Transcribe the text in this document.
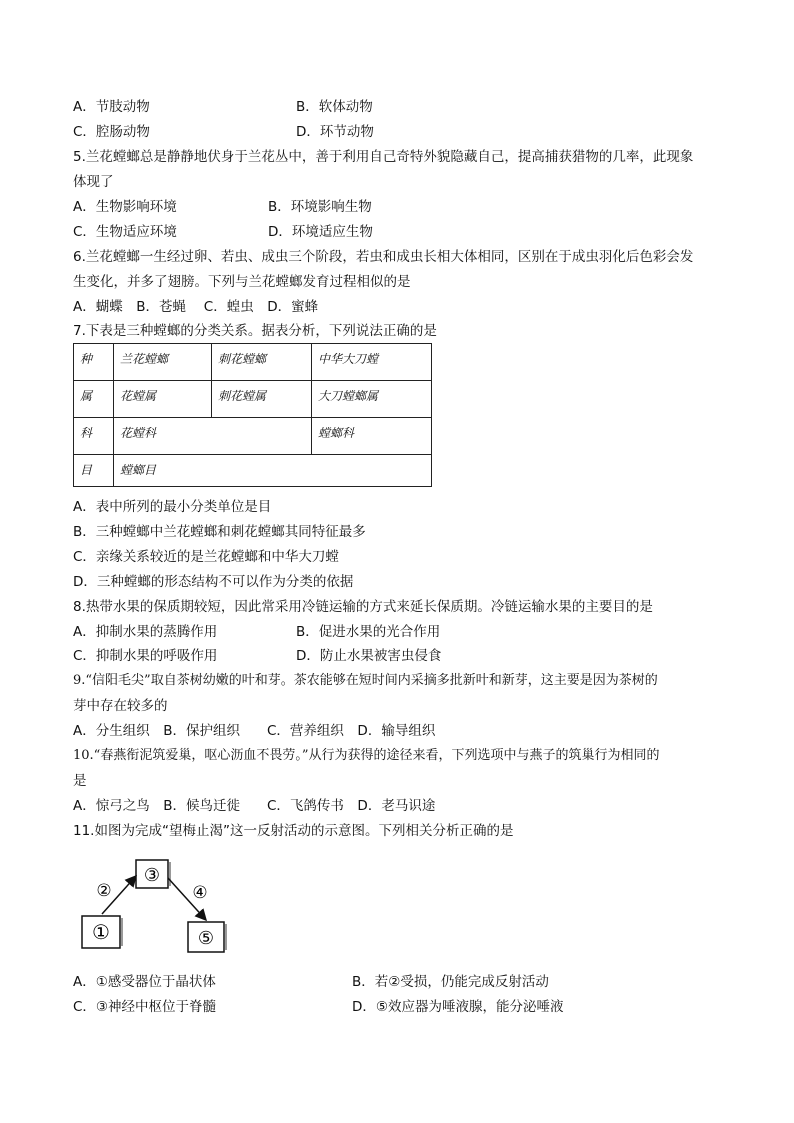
A．节肢动物	B．软体动物
C．腔肠动物	D．环节动物
5.兰花螳螂总是静静地伏身于兰花丛中，善于利用自己奇特外貌隐藏自己，提高捕获猎物的几率，此现象
体现了
A．生物影响环境	B．环境影响生物
C．生物适应环境	D．环境适应生物
6.兰花螳螂一生经过卵、若虫、成虫三个阶段，若虫和成虫长相大体相同，区别在于成虫羽化后色彩会发
生变化，并多了翅膀。下列与兰花螳螂发育过程相似的是
A．蝴蝶　B．苍蝇　 C．蝗虫　D．蜜蜂
7.下表是三种螳螂的分类关系。据表分析，下列说法正确的是
种	兰花螳螂	刺花螳螂	中华大刀螳
属	花螳属	刺花螳属	大刀螳螂属
科	花螳科		螳螂科
目	螳螂目		
A．表中所列的最小分类单位是目
B．三种螳螂中兰花螳螂和刺花螳螂其同特征最多
C．亲缘关系较近的是兰花螳螂和中华大刀螳
D．三种螳螂的形态结构不可以作为分类的依据
8.热带水果的保质期较短，因此常采用冷链运输的方式来延长保质期。冷链运输水果的主要目的是
A．抑制水果的蒸腾作用	B．促进水果的光合作用
C．抑制水果的呼吸作用	D．防止水果被害虫侵食
9.“信阳毛尖”取自茶树幼嫩的叶和芽。茶农能够在短时间内采摘多批新叶和新芽，这主要是因为茶树的
芽中存在较多的
A．分生组织　B．保护组织　　C．营养组织　D．输导组织
10.“春燕衔泥筑爱巢，呕心沥血不畏劳。”从行为获得的途径来看，下列选项中与燕子的筑巢行为相同的
是
A．惊弓之鸟　B．候鸟迁徙　　C．飞鸽传书　D．老马识途
11.如图为完成“望梅止渴”这一反射活动的示意图。下列相关分析正确的是
①
③
⑤
②	④
A．①感受器位于晶状体	B．若②受损，仍能完成反射活动
C．③神经中枢位于脊髓	D．⑤效应器为唾液腺，能分泌唾液
